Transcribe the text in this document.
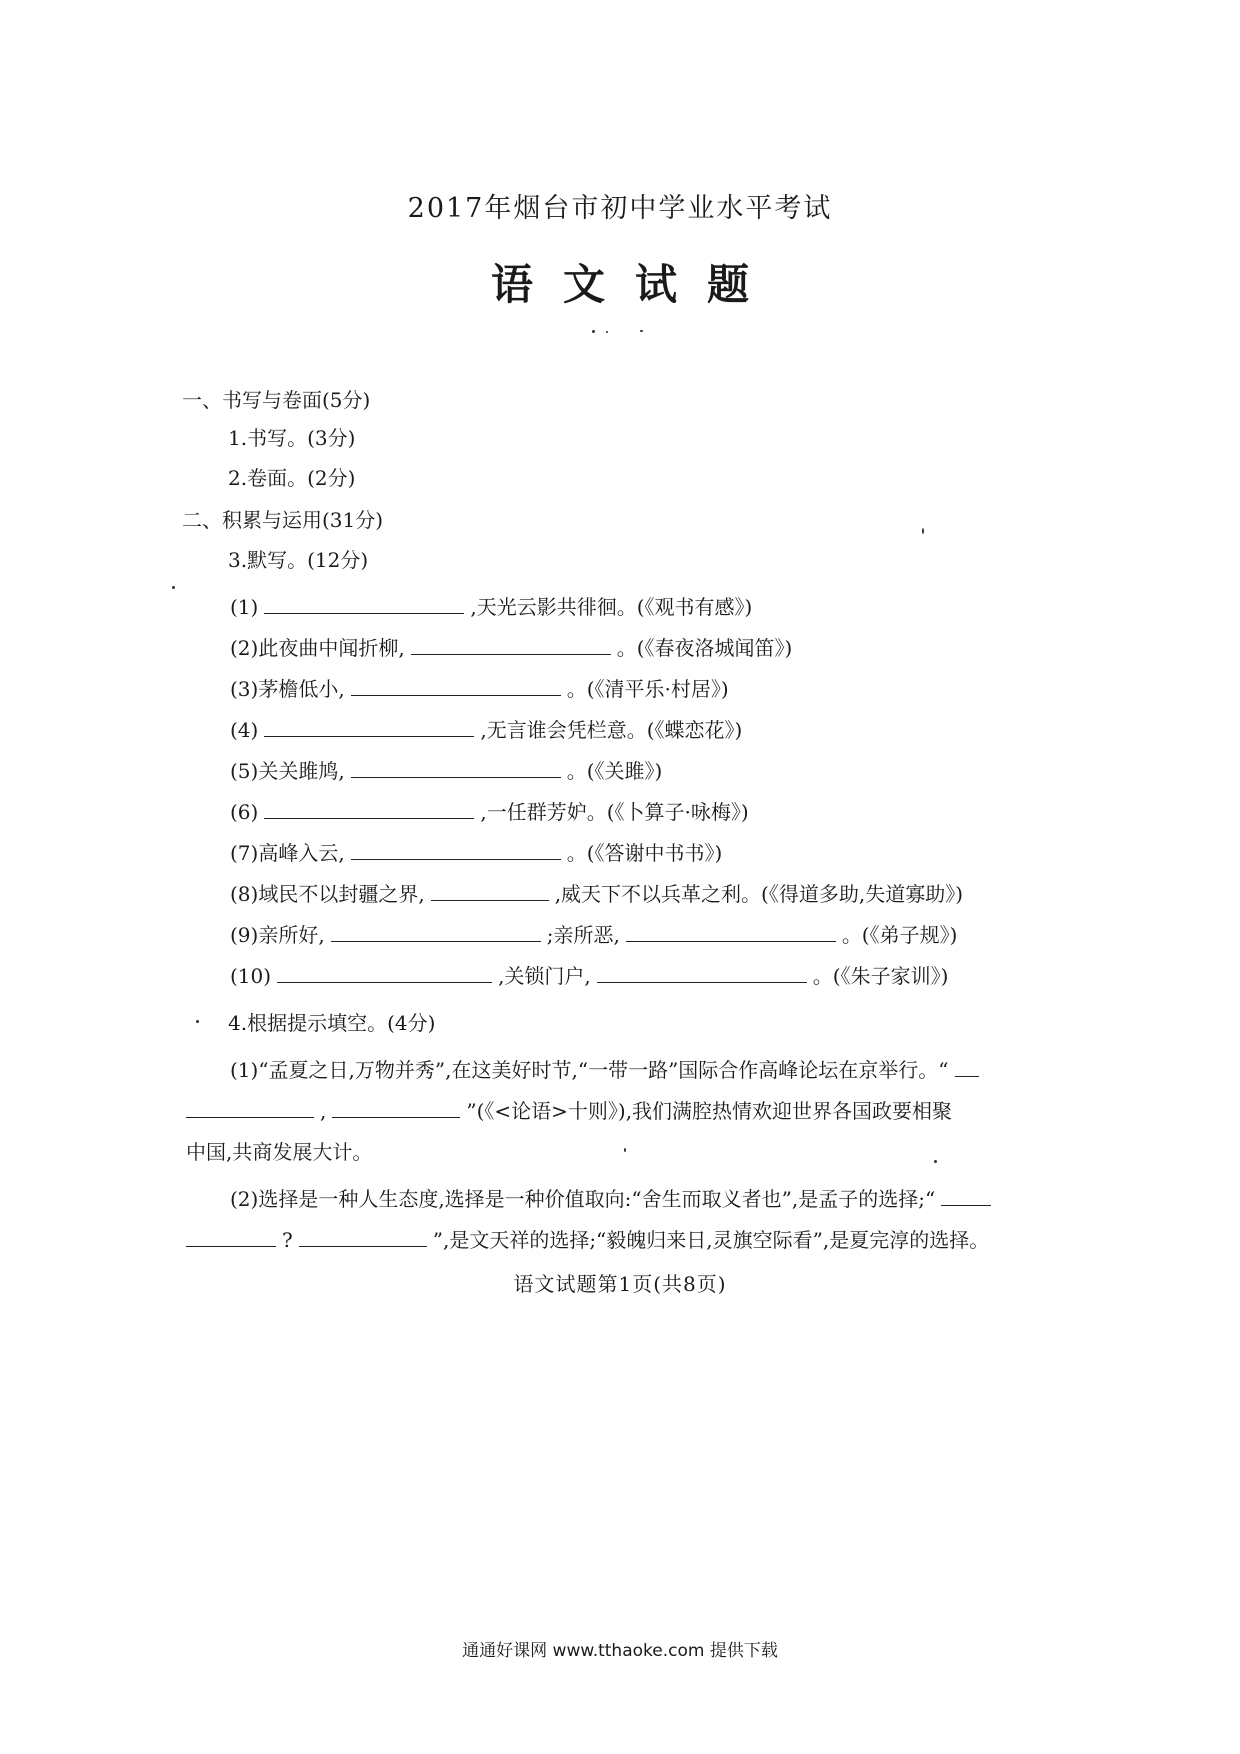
2017年烟台市初中学业水平考试
语文试题
一、书写与卷面(5分)
1.书写。(3分)
2.卷面。(2分)
二、积累与运用(31分)
3.默写。(12分)
(1)	,天光云影共徘徊。(《观书有感》)
(2)此夜曲中闻折柳,	。(《春夜洛城闻笛》)
(3)茅檐低小,	。(《清平乐·村居》)
(4)	,无言谁会凭栏意。(《蝶恋花》)
(5)关关雎鸠,	。(《关雎》)
(6)	,一任群芳妒。(《卜算子·咏梅》)
(7)高峰入云,	。(《答谢中书书》)
(8)域民不以封疆之界,	,威天下不以兵革之利。(《得道多助,失道寡助》)
(9)亲所好,	;亲所恶,	。(《弟子规》)
(10)	,关锁门户,	。(《朱子家训》)
4.根据提示填空。(4分)
(1)“孟夏之日,万物并秀”,在这美好时节,“一带一路”国际合作高峰论坛在京举行。“
,	”(《<论语>十则》),我们满腔热情欢迎世界各国政要相聚
中国,共商发展大计。
(2)选择是一种人生态度,选择是一种价值取向:“舍生而取义者也”,是孟子的选择;“
?	”,是文天祥的选择;“毅魄归来日,灵旗空际看”,是夏完淳的选择。
语文试题第1页(共8页)
通通好课网 www.tthaoke.com 提供下载
